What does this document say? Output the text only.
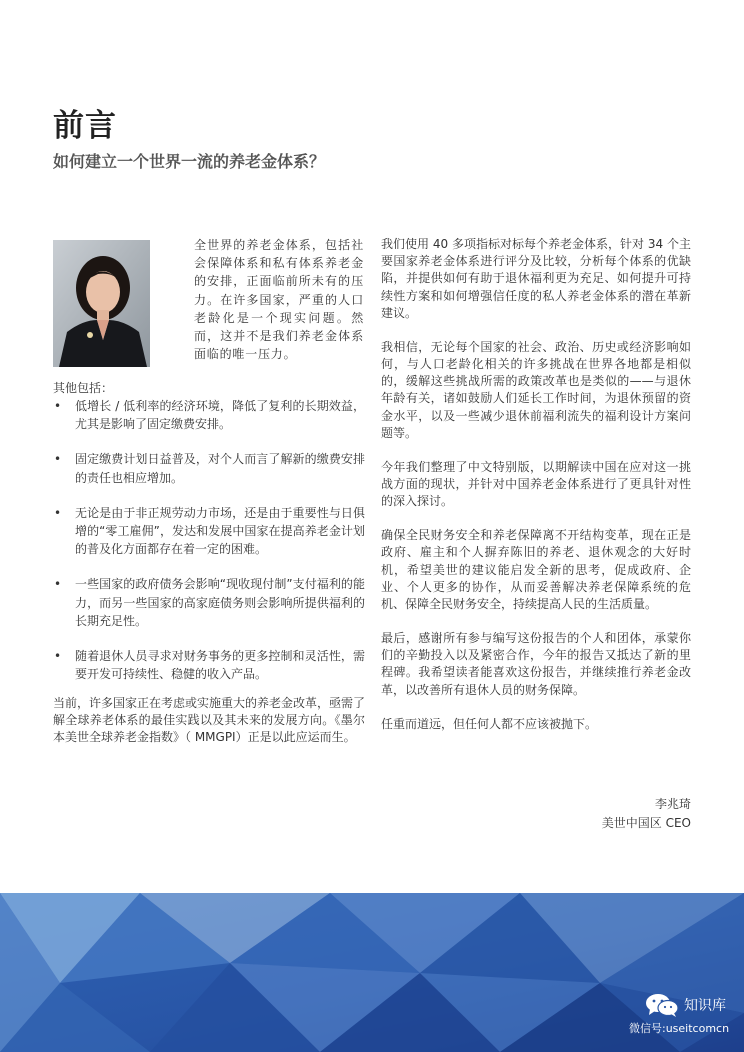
前言
如何建立一个世界一流的养老金体系？

全世界的养老金体系，包括社会保障体系和私有体系养老金的安排，正面临前所未有的压力。在许多国家，严重的人口老龄化是一个现实问题。然而，这并不是我们养老金体系面临的唯一压力。

其他包括：

• 低增长 / 低利率的经济环境，降低了复利的长期效益，尤其是影响了固定缴费安排。
• 固定缴费计划日益普及，对个人而言了解新的缴费安排的责任也相应增加。
• 无论是由于非正规劳动力市场，还是由于重要性与日俱增的“零工雇佣”，发达和发展中国家在提高养老金计划的普及化方面都存在着一定的困难。
• 一些国家的政府债务会影响“现收现付制”支付福利的能力，而另一些国家的高家庭债务则会影响所提供福利的长期充足性。
• 随着退休人员寻求对财务事务的更多控制和灵活性，需要开发可持续性、稳健的收入产品。

当前，许多国家正在考虑或实施重大的养老金改革，亟需了解全球养老体系的最佳实践以及其未来的发展方向。《墨尔本美世全球养老金指数》（ MMGPI）正是以此应运而生。

我们使用 40 多项指标对标每个养老金体系，针对 34 个主要国家养老金体系进行评分及比较，分析每个体系的优缺陷，并提供如何有助于退休福利更为充足、如何提升可持续性方案和如何增强信任度的私人养老金体系的潜在革新建议。

我相信，无论每个国家的社会、政治、历史或经济影响如何，与人口老龄化相关的许多挑战在世界各地都是相似的，缓解这些挑战所需的政策改革也是类似的——与退休年龄有关，诸如鼓励人们延长工作时间，为退休预留的资金水平，以及一些减少退休前福利流失的福利设计方案问题等。

今年我们整理了中文特别版，以期解读中国在应对这一挑战方面的现状，并针对中国养老金体系进行了更具针对性的深入探讨。

确保全民财务安全和养老保障离不开结构变革，现在正是政府、雇主和个人摒弃陈旧的养老、退休观念的大好时机，希望美世的建议能启发全新的思考，促成政府、企业、个人更多的协作，从而妥善解决养老保障系统的危机、保障全民财务安全，持续提高人民的生活质量。

最后，感谢所有参与编写这份报告的个人和团体，承蒙你们的辛勤投入以及紧密合作，今年的报告又抵达了新的里程碑。我希望读者能喜欢这份报告，并继续推行养老金改革，以改善所有退休人员的财务保障。

任重而道远，但任何人都不应该被抛下。

李兆琦

美世中国区 CEO

知识库

微信号:useitcomcn
